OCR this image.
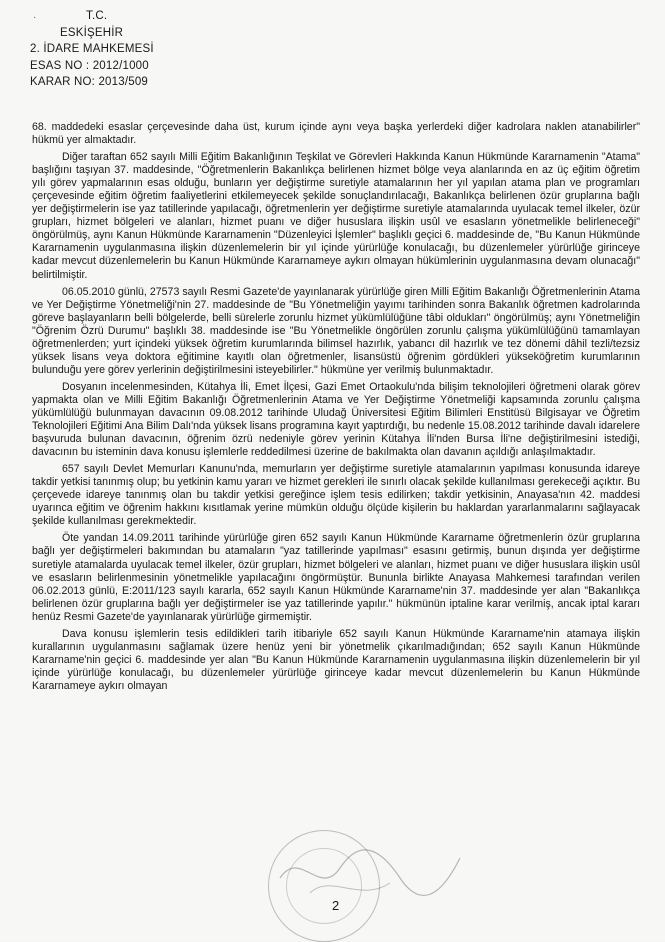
·	T.C.
ESKİŞEHİR
2. İDARE MAHKEMESİ
ESAS NO : 2012/1000
KARAR NO: 2013/509

68. maddedeki esaslar çerçevesinde daha üst, kurum içinde aynı veya başka yerlerdeki diğer kadrolara naklen atanabilirler" hükmü yer almaktadır.

Diğer taraftan 652 sayılı Milli Eğitim Bakanlığının Teşkilat ve Görevleri Hakkında Kanun Hükmünde Kararnamenin "Atama" başlığını taşıyan 37. maddesinde, "Öğretmenlerin Bakanlıkça belirlenen hizmet bölge veya alanlarında en az üç eğitim öğretim yılı görev yapmalarının esas olduğu, bunların yer değiştirme suretiyle atamalarının her yıl yapılan atama plan ve programları çerçevesinde eğitim öğretim faaliyetlerini etkilemeyecek şekilde sonuçlandırılacağı, Bakanlıkça belirlenen özür gruplarına bağlı yer değiştirmelerin ise yaz tatillerinde yapılacağı, öğretmenlerin yer değiştirme suretiyle atamalarında uyulacak temel ilkeler, özür grupları, hizmet bölgeleri ve alanları, hizmet puanı ve diğer hususlara ilişkin usûl ve esasların yönetmelikle belirleneceği" öngörülmüş, aynı Kanun Hükmünde Kararnamenin "Düzenleyici İşlemler" başlıklı geçici 6. maddesinde de, "Bu Kanun Hükmünde Kararnamenin uygulanmasına ilişkin düzenlemelerin bir yıl içinde yürürlüğe konulacağı, bu düzenlemeler yürürlüğe girinceye kadar mevcut düzenlemelerin bu Kanun Hükmünde Kararnameye aykırı olmayan hükümlerinin uygulanmasına devam olunacağı" belirtilmiştir.

06.05.2010 günlü, 27573 sayılı Resmi Gazete'de yayınlanarak yürürlüğe giren Milli Eğitim Bakanlığı Öğretmenlerinin Atama ve Yer Değiştirme Yönetmeliği'nin 27. maddesinde de "Bu Yönetmeliğin yayımı tarihinden sonra Bakanlık öğretmen kadrolarında göreve başlayanların belli bölgelerde, belli sürelerle zorunlu hizmet yükümlülüğüne tâbi oldukları" öngörülmüş; aynı Yönetmeliğin "Öğrenim Özrü Durumu" başlıklı 38. maddesinde ise "Bu Yönetmelikle öngörülen zorunlu çalışma yükümlülüğünü tamamlayan öğretmenlerden; yurt içindeki yüksek öğretim kurumlarında bilimsel hazırlık, yabancı dil hazırlık ve tez dönemi dâhil tezli/tezsiz yüksek lisans veya doktora eğitimine kayıtlı olan öğretmenler, lisansüstü öğrenim gördükleri yükseköğretim kurumlarının bulunduğu yere görev yerlerinin değiştirilmesini isteyebilirler." hükmüne yer verilmiş bulunmaktadır.

Dosyanın incelenmesinden, Kütahya İli, Emet İlçesi, Gazi Emet Ortaokulu'nda bilişim teknolojileri öğretmeni olarak görev yapmakta olan ve Milli Eğitim Bakanlığı Öğretmenlerinin Atama ve Yer Değiştirme Yönetmeliği kapsamında zorunlu çalışma yükümlülüğü bulunmayan davacının 09.08.2012 tarihinde Uludağ Üniversitesi Eğitim Bilimleri Enstitüsü Bilgisayar ve Öğretim Teknolojileri Eğitimi Ana Bilim Dalı'nda yüksek lisans programına kayıt yaptırdığı, bu nedenle 15.08.2012 tarihinde davalı idarelere başvuruda bulunan davacının, öğrenim özrü nedeniyle görev yerinin Kütahya İli'nden Bursa İli'ne değiştirilmesini istediği, davacının bu isteminin dava konusu işlemlerle reddedilmesi üzerine de bakılmakta olan davanın açıldığı anlaşılmaktadır.

657 sayılı Devlet Memurları Kanunu'nda, memurların yer değiştirme suretiyle atamalarının yapılması konusunda idareye takdir yetkisi tanınmış olup; bu yetkinin kamu yararı ve hizmet gerekleri ile sınırlı olacak şekilde kullanılması gerekeceği açıktır. Bu çerçevede idareye tanınmış olan bu takdir yetkisi gereğince işlem tesis edilirken; takdir yetkisinin, Anayasa'nın 42. maddesi uyarınca eğitim ve öğrenim hakkını kısıtlamak yerine mümkün olduğu ölçüde kişilerin bu haklardan yararlanmalarını sağlayacak şekilde kullanılması gerekmektedir.

Öte yandan 14.09.2011 tarihinde yürürlüğe giren 652 sayılı Kanun Hükmünde Kararname öğretmenlerin özür gruplarına bağlı yer değiştirmeleri bakımından bu atamaların "yaz tatillerinde yapılması" esasını getirmiş, bunun dışında yer değiştirme suretiyle atamalarda uyulacak temel ilkeler, özür grupları, hizmet bölgeleri ve alanları, hizmet puanı ve diğer hususlara ilişkin usûl ve esasların belirlenmesinin yönetmelikle yapılacağını öngörmüştür. Bununla birlikte Anayasa Mahkemesi tarafından verilen 06.02.2013 günlü, E:2011/123 sayılı kararla, 652 sayılı Kanun Hükmünde Kararname'nin 37. maddesinde yer alan "Bakanlıkça belirlenen özür gruplarına bağlı yer değiştirmeler ise yaz tatillerinde yapılır." hükmünün iptaline karar verilmiş, ancak iptal kararı henüz Resmi Gazete'de yayınlanarak yürürlüğe girmemiştir.

Dava konusu işlemlerin tesis edildikleri tarih itibariyle 652 sayılı Kanun Hükmünde Kararname'nin atamaya ilişkin kurallarının uygulanmasını sağlamak üzere henüz yeni bir yönetmelik çıkarılmadığından; 652 sayılı Kanun Hükmünde Kararname'nin geçici 6. maddesinde yer alan "Bu Kanun Hükmünde Kararnamenin uygulanmasına ilişkin düzenlemelerin bir yıl içinde yürürlüğe konulacağı, bu düzenlemeler yürürlüğe girinceye kadar mevcut düzenlemelerin bu Kanun Hükmünde Kararnameye aykırı olmayan

2
